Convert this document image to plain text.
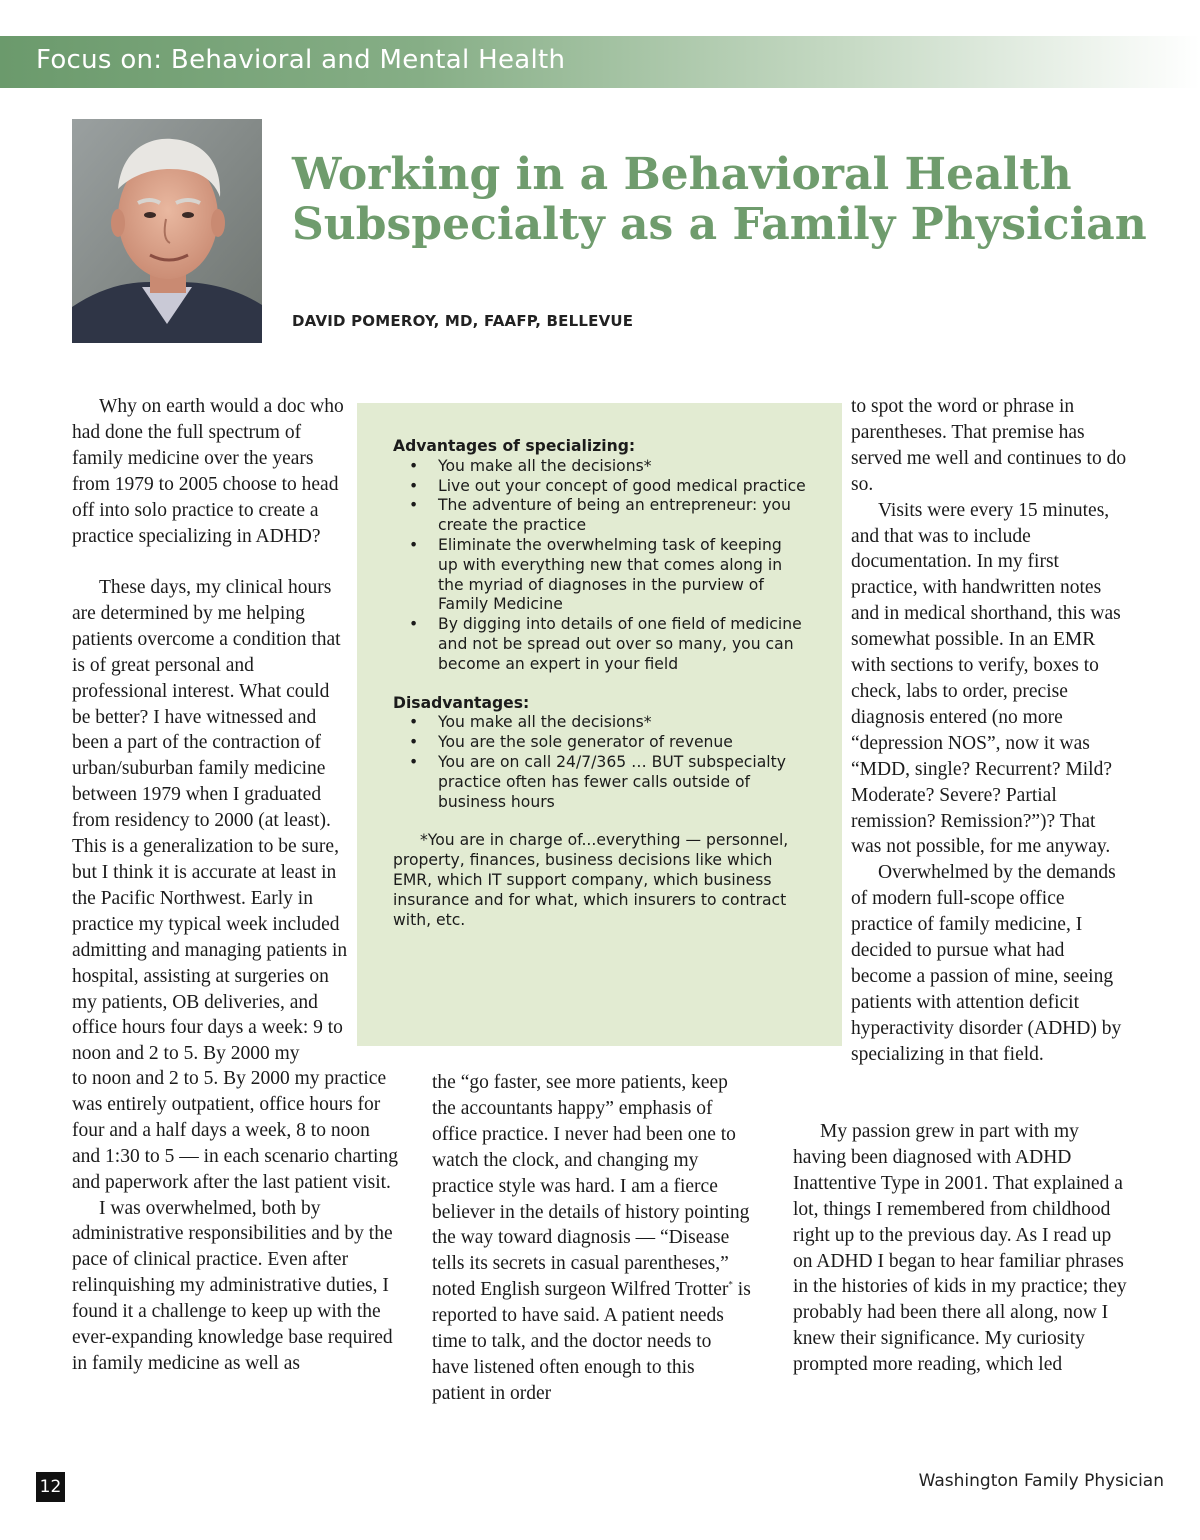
Focus on: Behavioral and Mental Health
Working in a Behavioral Health
Subspecialty as a Family Physician
DAVID POMEROY, MD, FAAFP, BELLEVUE

Why on earth would a doc who had done the full spectrum of family medicine over the years from 1979 to 2005 choose to head off into solo practice to create a practice specializing in ADHD?

These days, my clinical hours are determined by me helping patients overcome a condition that is of great personal and professional interest. What could be better? I have witnessed and been a part of the contraction of urban/suburban family medicine between 1979 when I graduated from residency to 2000 (at least). This is a generalization to be sure, but I think it is accurate at least in the Pacific Northwest. Early in practice my typical week included admitting and managing patients in hospital, assisting at surgeries on my patients, OB deliveries, and office hours four days a week: 9 to noon and 2 to 5. By 2000 my

to noon and 2 to 5. By 2000 my practice was entirely outpatient, office hours for four and a half days a week, 8 to noon and 1:30 to 5 — in each scenario charting and paperwork after the last patient visit.

I was overwhelmed, both by administrative responsibilities and by the pace of clinical practice. Even after relinquishing my administrative duties, I found it a challenge to keep up with the ever-expanding knowledge base required in family medicine as well as

Advantages of specializing:
• You make all the decisions*
• Live out your concept of good medical practice
• The adventure of being an entrepreneur: you create the practice
• Eliminate the overwhelming task of keeping up with everything new that comes along in the myriad of diagnoses in the purview of Family Medicine
• By digging into details of one field of medicine and not be spread out over so many, you can become an expert in your field
Disadvantages:
• You make all the decisions*
• You are the sole generator of revenue
• You are on call 24/7/365 … BUT subspecialty practice often has fewer calls outside of business hours

*You are in charge of...everything — personnel, property, finances, business decisions like which EMR, which IT support company, which business insurance and for what, which insurers to contract with, etc.

the “go faster, see more patients, keep the accountants happy” emphasis of office practice. I never had been one to watch the clock, and changing my practice style was hard. I am a fierce believer in the details of history pointing the way toward diagnosis — “Disease tells its secrets in casual parentheses,” noted English surgeon Wilfred Trotter* is reported to have said. A patient needs time to talk, and the doctor needs to have listened often enough to this patient in order

to spot the word or phrase in parentheses. That premise has served me well and continues to do so.

Visits were every 15 minutes, and that was to include documentation. In my first practice, with handwritten notes and in medical shorthand, this was somewhat possible. In an EMR with sections to verify, boxes to check, labs to order, precise diagnosis entered (no more “depression NOS”, now it was “MDD, single? Recurrent? Mild? Moderate? Severe? Partial remission? Remission?”)? That was not possible, for me anyway.

Overwhelmed by the demands of modern full-scope office practice of family medicine, I decided to pursue what had become a passion of mine, seeing patients with attention deficit hyperactivity disorder (ADHD) by specializing in that field.

My passion grew in part with my having been diagnosed with ADHD Inattentive Type in 2001. That explained a lot, things I remembered from childhood right up to the previous day. As I read up on ADHD I began to hear familiar phrases in the histories of kids in my practice; they probably had been there all along, now I knew their significance. My curiosity prompted more reading, which led

12	Washington Family Physician
